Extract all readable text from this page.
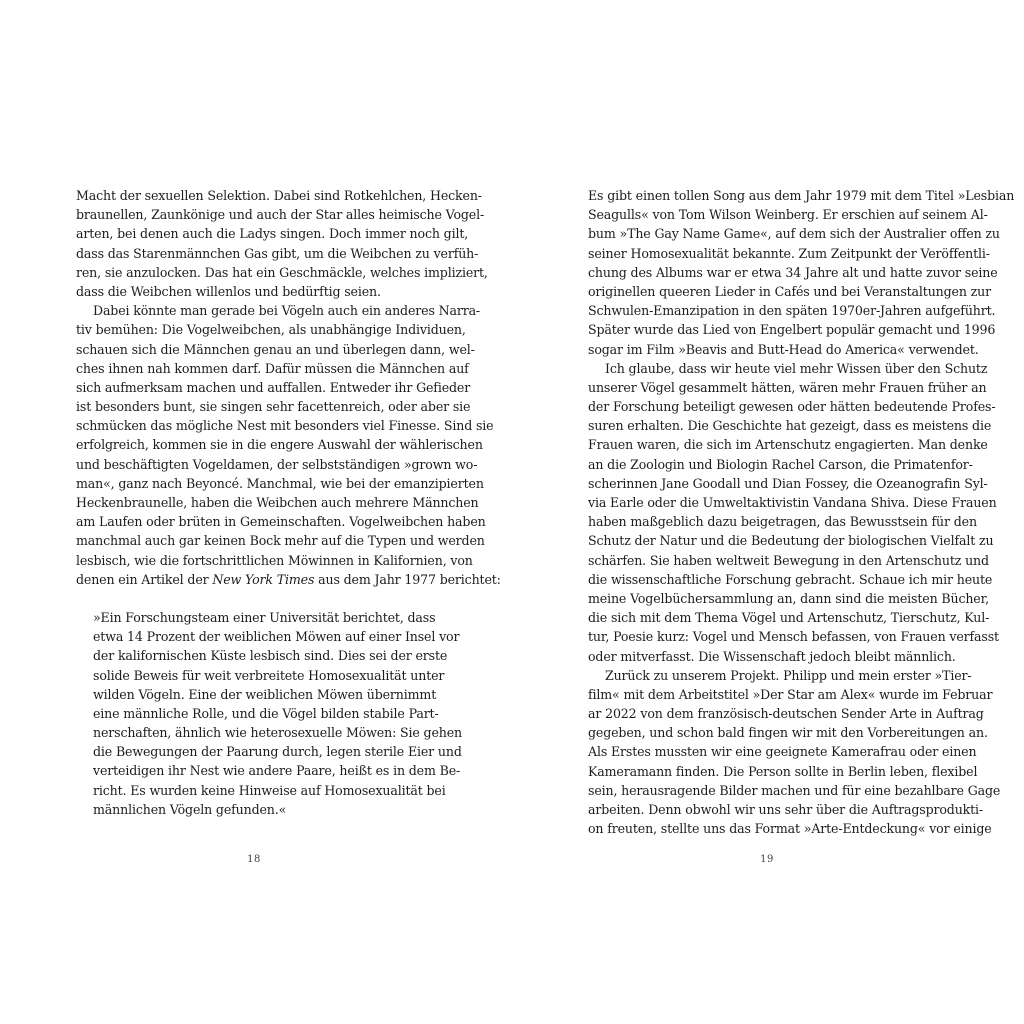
Macht der sexuellen Selektion. Dabei sind Rotkehlchen, Hecken-
braunellen, Zaunkönige und auch der Star alles heimische Vogel-
arten, bei denen auch die Ladys singen. Doch immer noch gilt,
dass das Starenmännchen Gas gibt, um die Weibchen zu verfüh-
ren, sie anzulocken. Das hat ein Geschmäckle, welches impliziert,
dass die Weibchen willenlos und bedürftig seien.
Dabei könnte man gerade bei Vögeln auch ein anderes Narra-
tiv bemühen: Die Vogelweibchen, als unabhängige Individuen,
schauen sich die Männchen genau an und überlegen dann, wel-
ches ihnen nah kommen darf. Dafür müssen die Männchen auf
sich aufmerksam machen und auffallen. Entweder ihr Gefieder
ist besonders bunt, sie singen sehr facettenreich, oder aber sie
schmücken das mögliche Nest mit besonders viel Finesse. Sind sie
erfolgreich, kommen sie in die engere Auswahl der wählerischen
und beschäftigten Vogeldamen, der selbstständigen »grown wo-
man«, ganz nach Beyoncé. Manchmal, wie bei der emanzipierten
Heckenbraunelle, haben die Weibchen auch mehrere Männchen
am Laufen oder brüten in Gemeinschaften. Vogelweibchen haben
manchmal auch gar keinen Bock mehr auf die Typen und werden
lesbisch, wie die fortschrittlichen Möwinnen in Kalifornien, von
denen ein Artikel der New York Times aus dem Jahr 1977 berichtet:
»Ein Forschungsteam einer Universität berichtet, dass
etwa 14 Prozent der weiblichen Möwen auf einer Insel vor
der kalifornischen Küste lesbisch sind. Dies sei der erste
solide Beweis für weit verbreitete Homosexualität unter
wilden Vögeln. Eine der weiblichen Möwen übernimmt
eine männliche Rolle, und die Vögel bilden stabile Part-
nerschaften, ähnlich wie heterosexuelle Möwen: Sie gehen
die Bewegungen der Paarung durch, legen sterile Eier und
verteidigen ihr Nest wie andere Paare, heißt es in dem Be-
richt. Es wurden keine Hinweise auf Homosexualität bei
männlichen Vögeln gefunden.«
Es gibt einen tollen Song aus dem Jahr 1979 mit dem Titel »Lesbian
Seagulls« von Tom Wilson Weinberg. Er erschien auf seinem Al-
bum »The Gay Name Game«, auf dem sich der Australier offen zu
seiner Homosexualität bekannte. Zum Zeitpunkt der Veröffentli-
chung des Albums war er etwa 34 Jahre alt und hatte zuvor seine
originellen queeren Lieder in Cafés und bei Veranstaltungen zur
Schwulen-Emanzipation in den späten 1970er-Jahren aufgeführt.
Später wurde das Lied von Engelbert populär gemacht und 1996
sogar im Film »Beavis and Butt-Head do America« verwendet.
Ich glaube, dass wir heute viel mehr Wissen über den Schutz
unserer Vögel gesammelt hätten, wären mehr Frauen früher an
der Forschung beteiligt gewesen oder hätten bedeutende Profes-
suren erhalten. Die Geschichte hat gezeigt, dass es meistens die
Frauen waren, die sich im Artenschutz engagierten. Man denke
an die Zoologin und Biologin Rachel Carson, die Primatenfor-
scherinnen Jane Goodall und Dian Fossey, die Ozeanografin Syl-
via Earle oder die Umweltaktivistin Vandana Shiva. Diese Frauen
haben maßgeblich dazu beigetragen, das Bewusstsein für den
Schutz der Natur und die Bedeutung der biologischen Vielfalt zu
schärfen. Sie haben weltweit Bewegung in den Artenschutz und
die wissenschaftliche Forschung gebracht. Schaue ich mir heute
meine Vogelbüchersammlung an, dann sind die meisten Bücher,
die sich mit dem Thema Vögel und Artenschutz, Tierschutz, Kul-
tur, Poesie kurz: Vogel und Mensch befassen, von Frauen verfasst
oder mitverfasst. Die Wissenschaft jedoch bleibt männlich.
Zurück zu unserem Projekt. Philipp und mein erster »Tier-
film« mit dem Arbeitstitel »Der Star am Alex« wurde im Februar
ar 2022 von dem französisch-deutschen Sender Arte in Auftrag
gegeben, und schon bald fingen wir mit den Vorbereitungen an.
Als Erstes mussten wir eine geeignete Kamerafrau oder einen
Kameramann finden. Die Person sollte in Berlin leben, flexibel
sein, herausragende Bilder machen und für eine bezahlbare Gage
arbeiten. Denn obwohl wir uns sehr über die Auftragsprodukti-
on freuten, stellte uns das Format »Arte-Entdeckung« vor einige
18	19
